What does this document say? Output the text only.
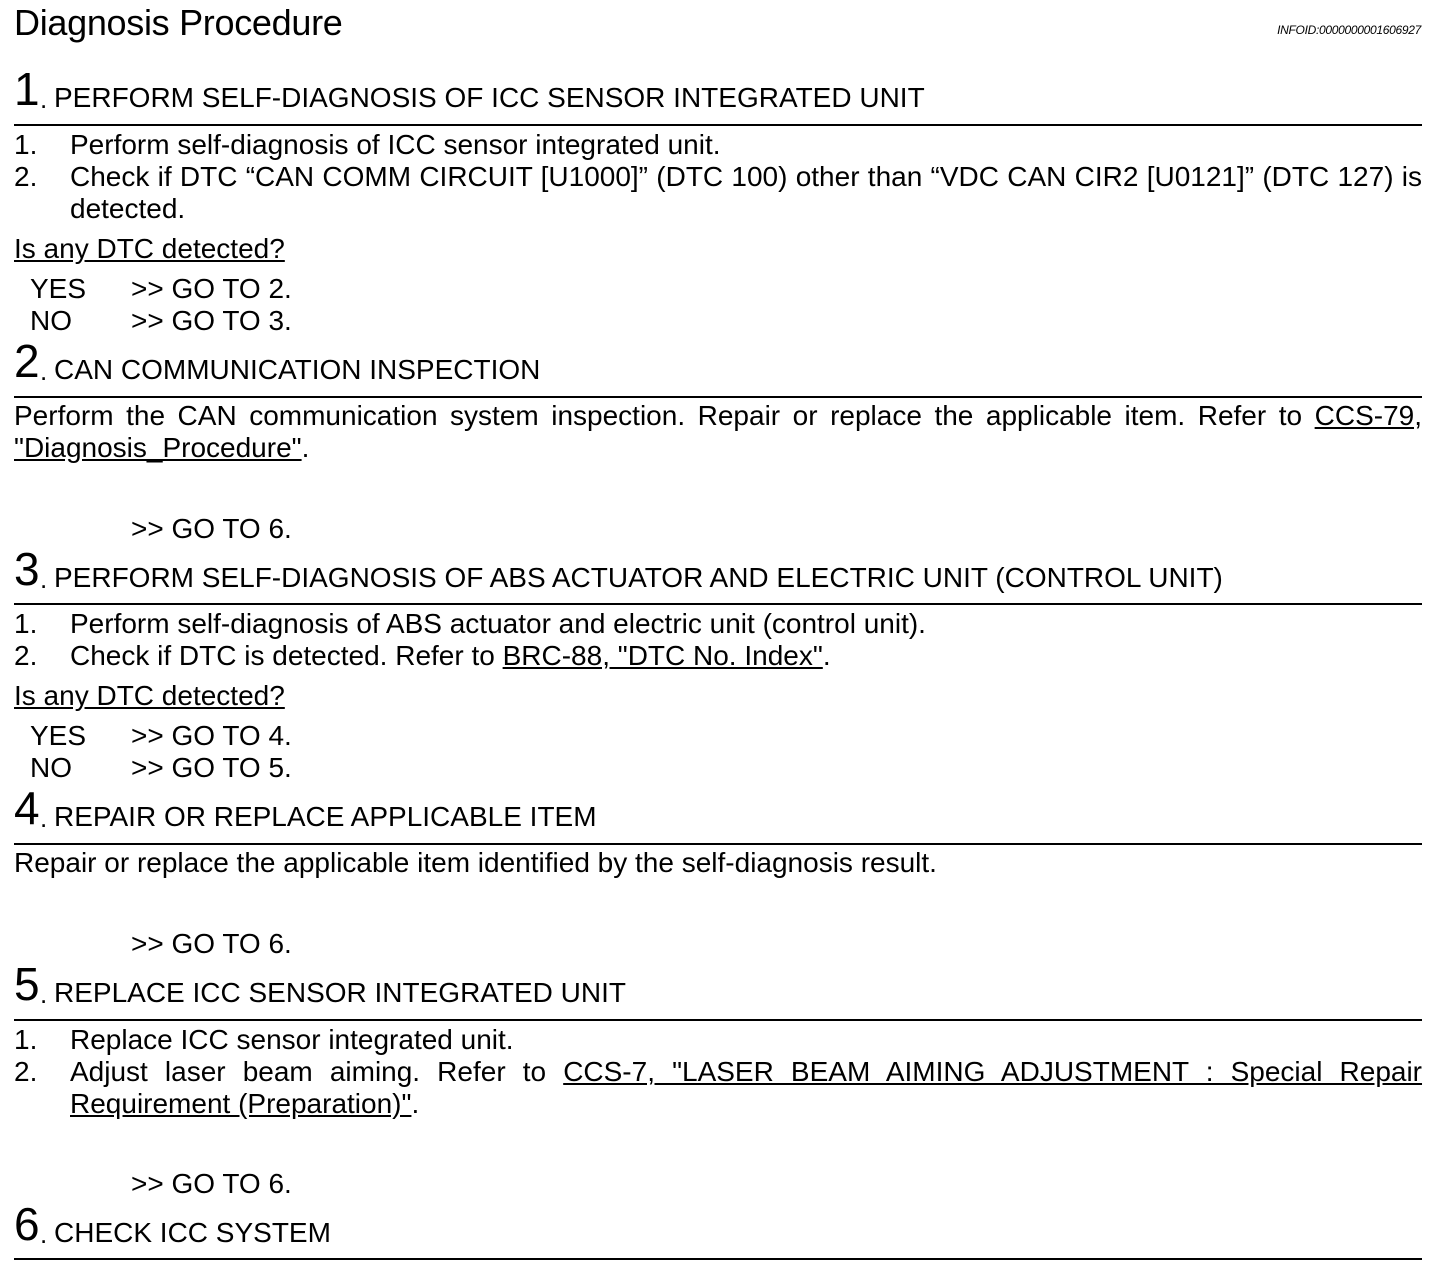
Diagnosis Procedure	INFOID:0000000001606927
1 . PERFORM SELF-DIAGNOSIS OF ICC SENSOR INTEGRATED UNIT
1. Perform self-diagnosis of ICC sensor integrated unit.
2. Check if DTC “CAN COMM CIRCUIT [U1000]” (DTC 100) other than “VDC CAN CIR2 [U0121]” (DTC 127) is detected.
Is any DTC detected?
YES >> GO TO 2.
NO >> GO TO 3.
2 . CAN COMMUNICATION INSPECTION
Perform the CAN communication system inspection. Repair or replace the applicable item. Refer to CCS-79, "Diagnosis_Procedure".
>> GO TO 6.
3 . PERFORM SELF-DIAGNOSIS OF ABS ACTUATOR AND ELECTRIC UNIT (CONTROL UNIT)
1. Perform self-diagnosis of ABS actuator and electric unit (control unit).
2. Check if DTC is detected. Refer to BRC-88, "DTC No. Index".
Is any DTC detected?
YES >> GO TO 4.
NO >> GO TO 5.
4 . REPAIR OR REPLACE APPLICABLE ITEM
Repair or replace the applicable item identified by the self-diagnosis result.
>> GO TO 6.
5 . REPLACE ICC SENSOR INTEGRATED UNIT
1. Replace ICC sensor integrated unit.
2. Adjust laser beam aiming. Refer to CCS-7, "LASER BEAM AIMING ADJUSTMENT : Special Repair Requirement (Preparation)".
>> GO TO 6.
6 . CHECK ICC SYSTEM
